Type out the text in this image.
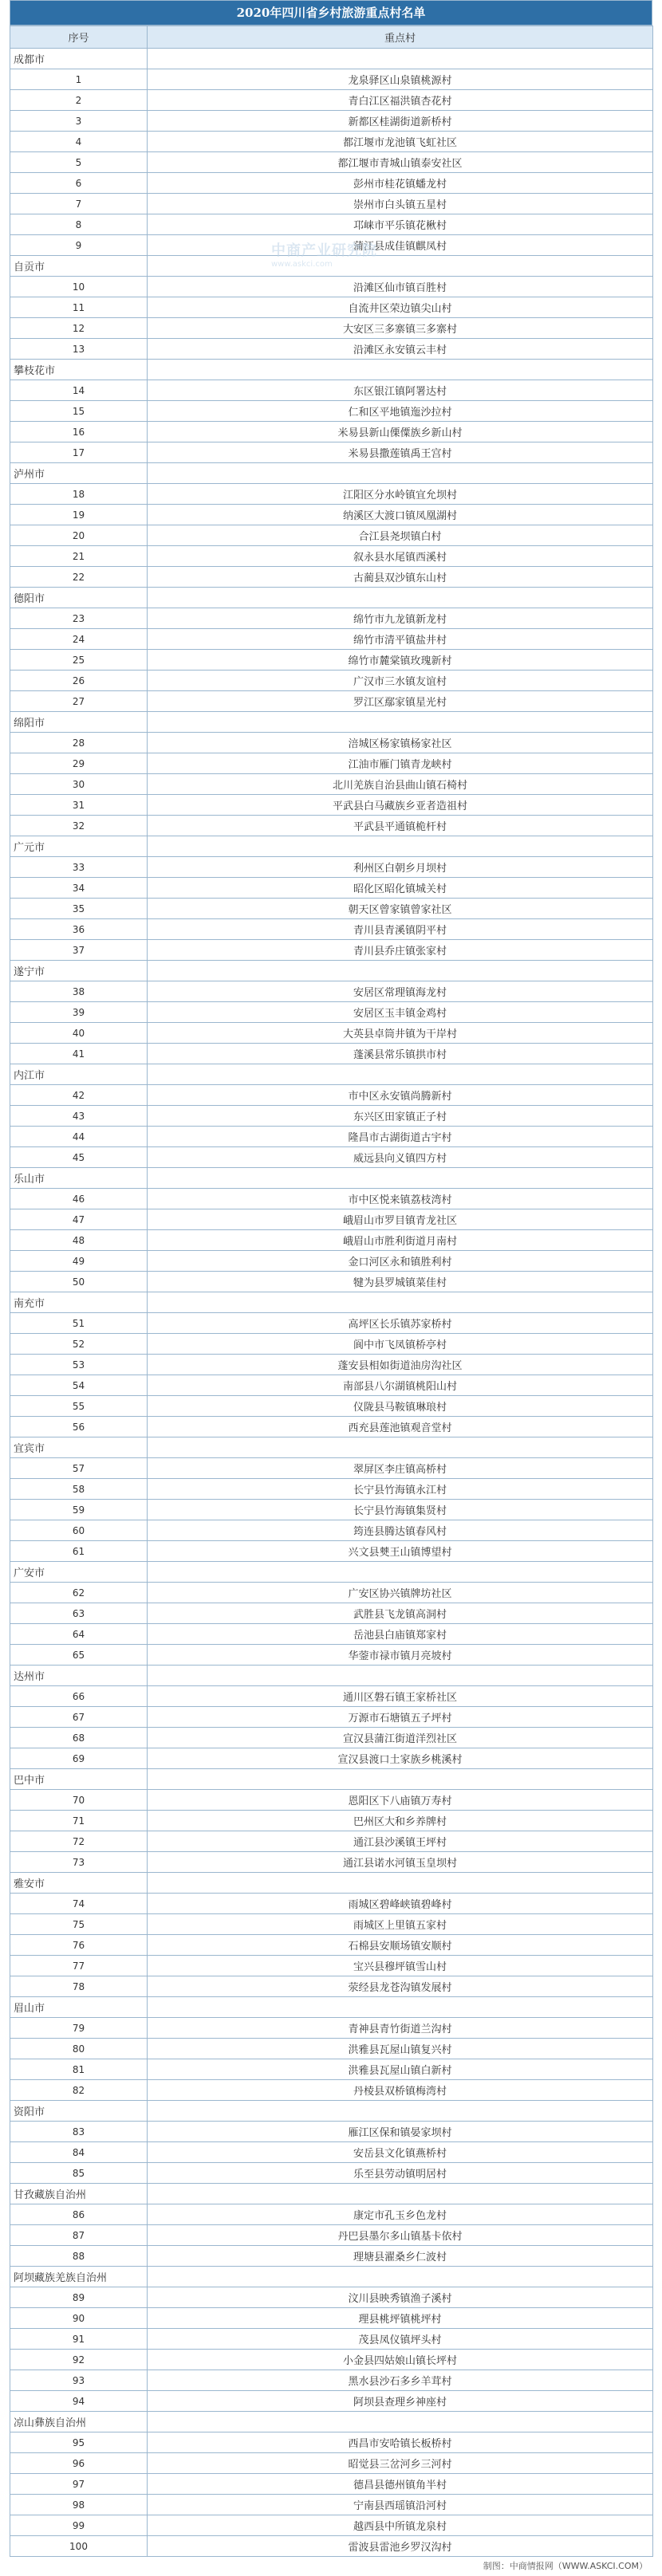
2020年四川省乡村旅游重点村名单
中商产业研究院
www.askci.com
序号	重点村
成都市	
1	龙泉驿区山泉镇桃源村
2	青白江区福洪镇杏花村
3	新都区桂湖街道新桥村
4	都江堰市龙池镇飞虹社区
5	都江堰市青城山镇泰安社区
6	彭州市桂花镇蟠龙村
7	崇州市白头镇五星村
8	邛崃市平乐镇花楸村
9	蒲江县成佳镇麒凤村
自贡市	
10	沿滩区仙市镇百胜村
11	自流井区荣边镇尖山村
12	大安区三多寨镇三多寨村
13	沿滩区永安镇云丰村
攀枝花市	
14	东区银江镇阿署达村
15	仁和区平地镇迤沙拉村
16	米易县新山傈僳族乡新山村
17	米易县撒莲镇禹王宫村
泸州市	
18	江阳区分水岭镇宜允坝村
19	纳溪区大渡口镇凤凰湖村
20	合江县尧坝镇白村
21	叙永县水尾镇西溪村
22	古蔺县双沙镇东山村
德阳市	
23	绵竹市九龙镇新龙村
24	绵竹市清平镇盐井村
25	绵竹市麓棠镇玫瑰新村
26	广汉市三水镇友谊村
27	罗江区鄢家镇星光村
绵阳市	
28	涪城区杨家镇杨家社区
29	江油市雁门镇青龙峡村
30	北川羌族自治县曲山镇石椅村
31	平武县白马藏族乡亚者造祖村
32	平武县平通镇桅杆村
广元市	
33	利州区白朝乡月坝村
34	昭化区昭化镇城关村
35	朝天区曾家镇曾家社区
36	青川县青溪镇阴平村
37	青川县乔庄镇张家村
遂宁市	
38	安居区常理镇海龙村
39	安居区玉丰镇金鸡村
40	大英县卓筒井镇为干岸村
41	蓬溪县常乐镇拱市村
内江市	
42	市中区永安镇尚腾新村
43	东兴区田家镇正子村
44	隆昌市古湖街道古宇村
45	威远县向义镇四方村
乐山市	
46	市中区悦来镇荔枝湾村
47	峨眉山市罗目镇青龙社区
48	峨眉山市胜利街道月南村
49	金口河区永和镇胜利村
50	犍为县罗城镇菜佳村
南充市	
51	高坪区长乐镇苏家桥村
52	阆中市飞凤镇桥亭村
53	蓬安县相如街道油房沟社区
54	南部县八尔湖镇桃阳山村
55	仪陇县马鞍镇琳琅村
56	西充县莲池镇观音堂村
宜宾市	
57	翠屏区李庄镇高桥村
58	长宁县竹海镇永江村
59	长宁县竹海镇集贤村
60	筠连县腾达镇春风村
61	兴文县僰王山镇博望村
广安市	
62	广安区协兴镇牌坊社区
63	武胜县飞龙镇高洞村
64	岳池县白庙镇郑家村
65	华蓥市禄市镇月亮坡村
达州市	
66	通川区磐石镇王家桥社区
67	万源市石塘镇五子坪村
68	宣汉县蒲江街道洋烈社区
69	宣汉县渡口土家族乡桃溪村
巴中市	
70	恩阳区下八庙镇万寿村
71	巴州区大和乡养牌村
72	通江县沙溪镇王坪村
73	通江县诺水河镇玉皇坝村
雅安市	
74	雨城区碧峰峡镇碧峰村
75	雨城区上里镇五家村
76	石棉县安顺场镇安顺村
77	宝兴县穆坪镇雪山村
78	荥经县龙苍沟镇发展村
眉山市	
79	青神县青竹街道兰沟村
80	洪雅县瓦屋山镇复兴村
81	洪雅县瓦屋山镇白新村
82	丹棱县双桥镇梅湾村
资阳市	
83	雁江区保和镇晏家坝村
84	安岳县文化镇燕桥村
85	乐至县劳动镇明居村
甘孜藏族自治州	
86	康定市孔玉乡色龙村
87	丹巴县墨尔多山镇基卡依村
88	理塘县濯桑乡仁波村
阿坝藏族羌族自治州	
89	汶川县映秀镇渔子溪村
90	理县桃坪镇桃坪村
91	茂县凤仪镇坪头村
92	小金县四姑娘山镇长坪村
93	黑水县沙石多乡羊茸村
94	阿坝县查理乡神座村
凉山彝族自治州	
95	西昌市安哈镇长板桥村
96	昭觉县三岔河乡三河村
97	德昌县德州镇角半村
98	宁南县西瑶镇沿河村
99	越西县中所镇龙泉村
100	雷波县雷池乡罗汉沟村
制图：中商情报网（WWW.ASKCI.COM）
